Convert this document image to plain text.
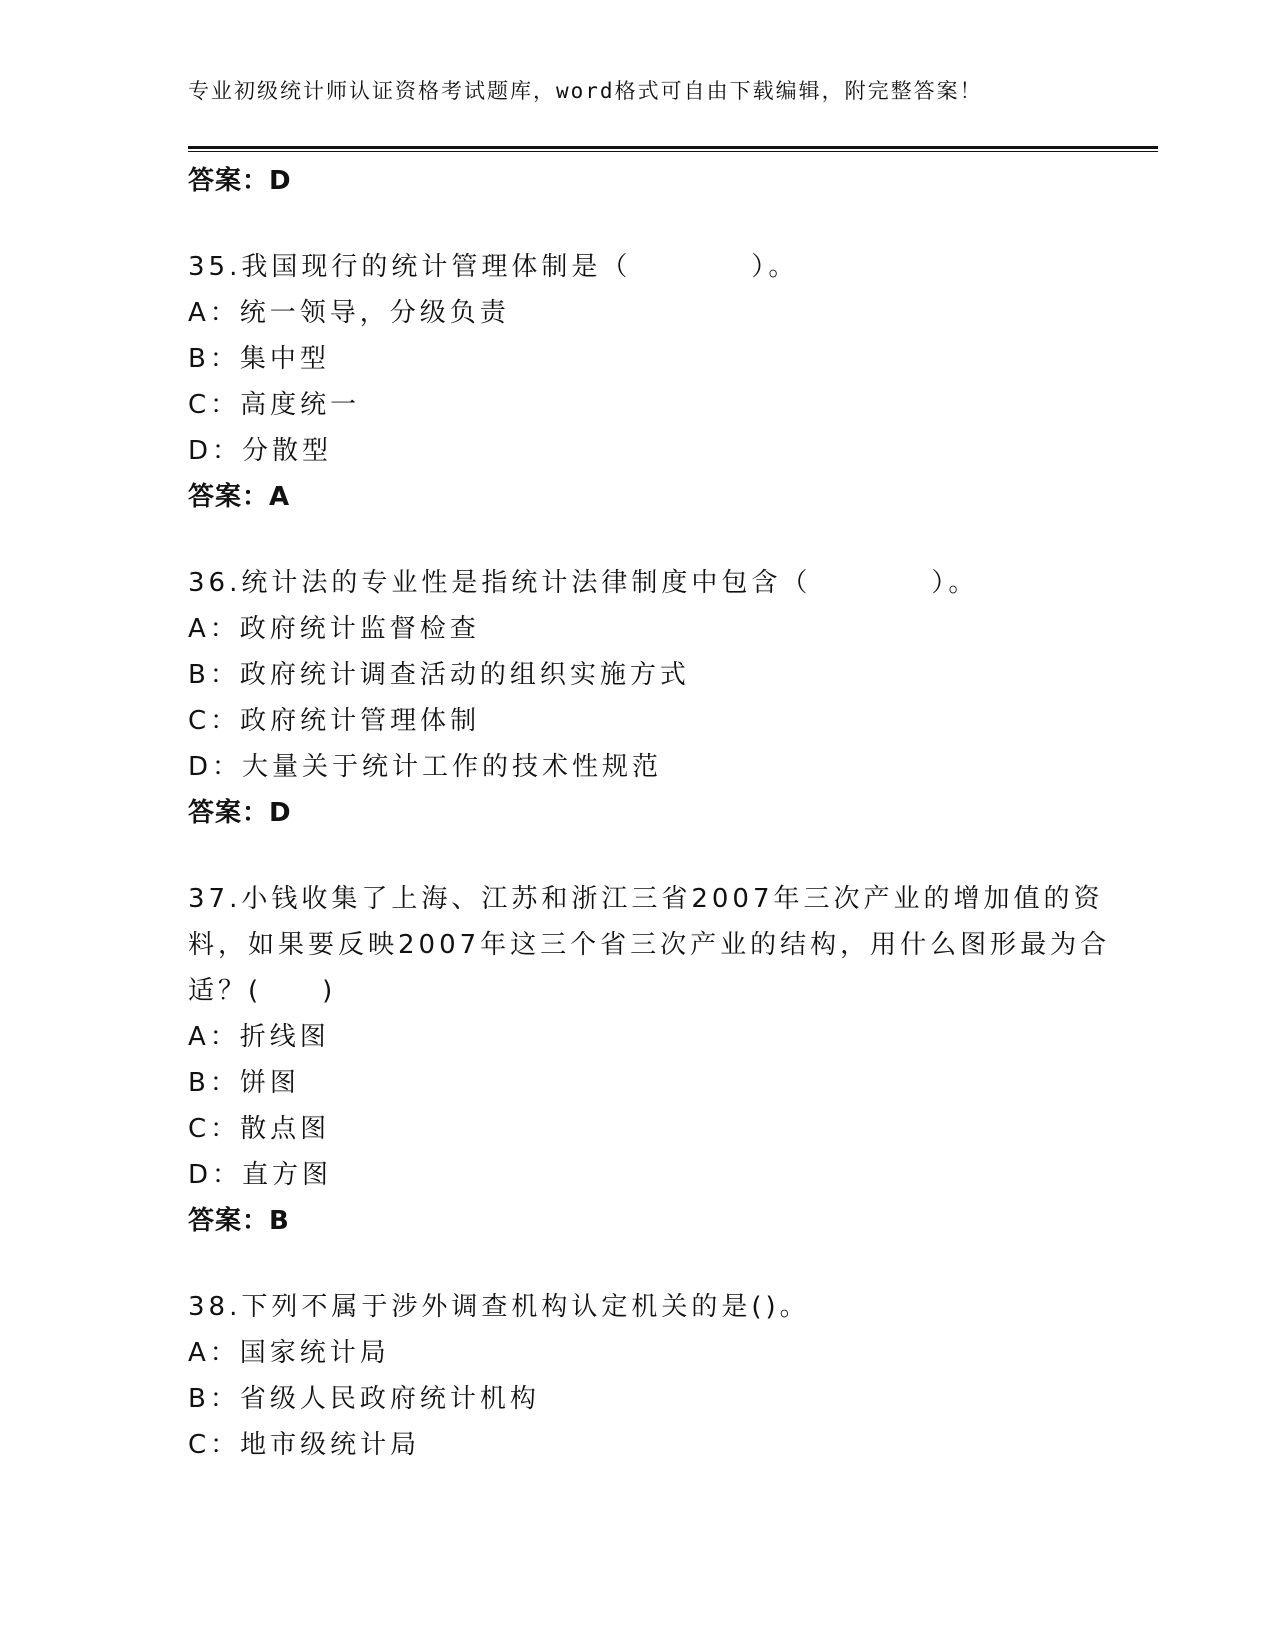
专业初级统计师认证资格考试题库，word格式可自由下载编辑，附完整答案！
答案：D
35.我国现行的统计管理体制是（　　　　）。
A：统一领导，分级负责
B：集中型
C：高度统一
D：分散型
答案：A
36.统计法的专业性是指统计法律制度中包含（　　　　）。
A：政府统计监督检查
B：政府统计调查活动的组织实施方式
C：政府统计管理体制
D：大量关于统计工作的技术性规范
答案：D
37.小钱收集了上海、江苏和浙江三省2007年三次产业的增加值的资
料，如果要反映2007年这三个省三次产业的结构，用什么图形最为合
适？(　　)
A：折线图
B：饼图
C：散点图
D：直方图
答案：B
38.下列不属于涉外调查机构认定机关的是()。
A：国家统计局
B：省级人民政府统计机构
C：地市级统计局
